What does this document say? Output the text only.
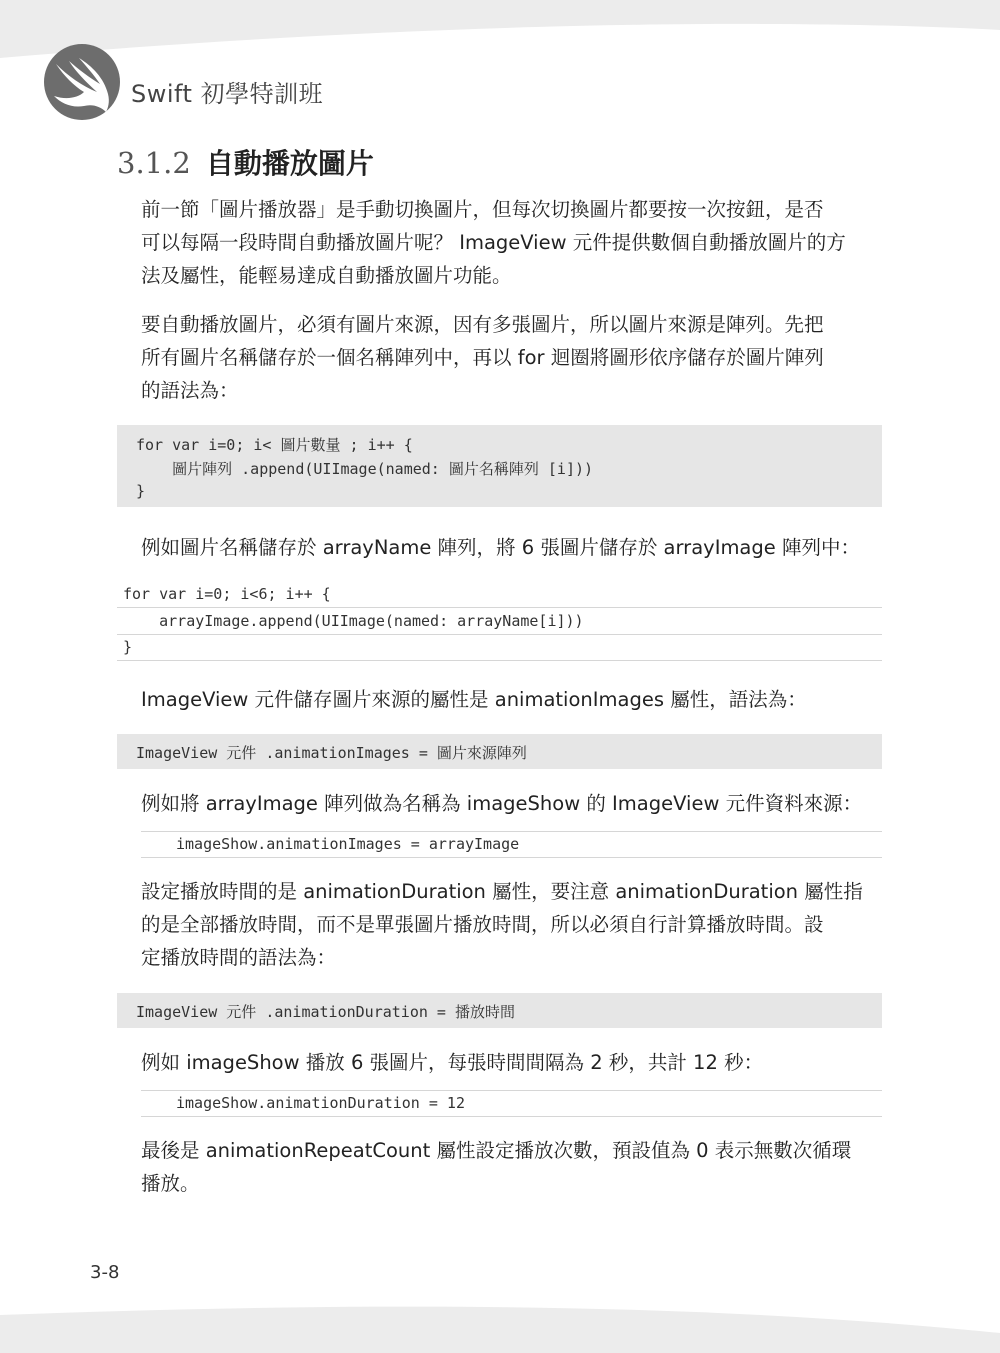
Swift 初學特訓班
3.1.2 自動播放圖片

前一節「圖片播放器」是手動切換圖片，但每次切換圖片都要按一次按鈕，是否
可以每隔一段時間自動播放圖片呢？ ImageView 元件提供數個自動播放圖片的方
法及屬性，能輕易達成自動播放圖片功能。

要自動播放圖片，必須有圖片來源，因有多張圖片，所以圖片來源是陣列。先把
所有圖片名稱儲存於一個名稱陣列中，再以 for 迴圈將圖形依序儲存於圖片陣列
的語法為：

for var i=0; i< 圖片數量 ; i++ {
圖片陣列 .append(UIImage(named: 圖片名稱陣列 [i]))
}

例如圖片名稱儲存於 arrayName 陣列，將 6 張圖片儲存於 arrayImage 陣列中：

for var i=0; i<6; i++ {
arrayImage.append(UIImage(named: arrayName[i]))
}

ImageView 元件儲存圖片來源的屬性是 animationImages 屬性，語法為：

ImageView 元件 .animationImages = 圖片來源陣列

例如將 arrayImage 陣列做為名稱為 imageShow 的 ImageView 元件資料來源：

imageShow.animationImages = arrayImage

設定播放時間的是 animationDuration 屬性，要注意 animationDuration 屬性指
的是全部播放時間，而不是單張圖片播放時間，所以必須自行計算播放時間。設
定播放時間的語法為：

ImageView 元件 .animationDuration = 播放時間

例如 imageShow 播放 6 張圖片，每張時間間隔為 2 秒，共計 12 秒：

imageShow.animationDuration = 12

最後是 animationRepeatCount 屬性設定播放次數，預設值為 0 表示無數次循環
播放。

3-8
